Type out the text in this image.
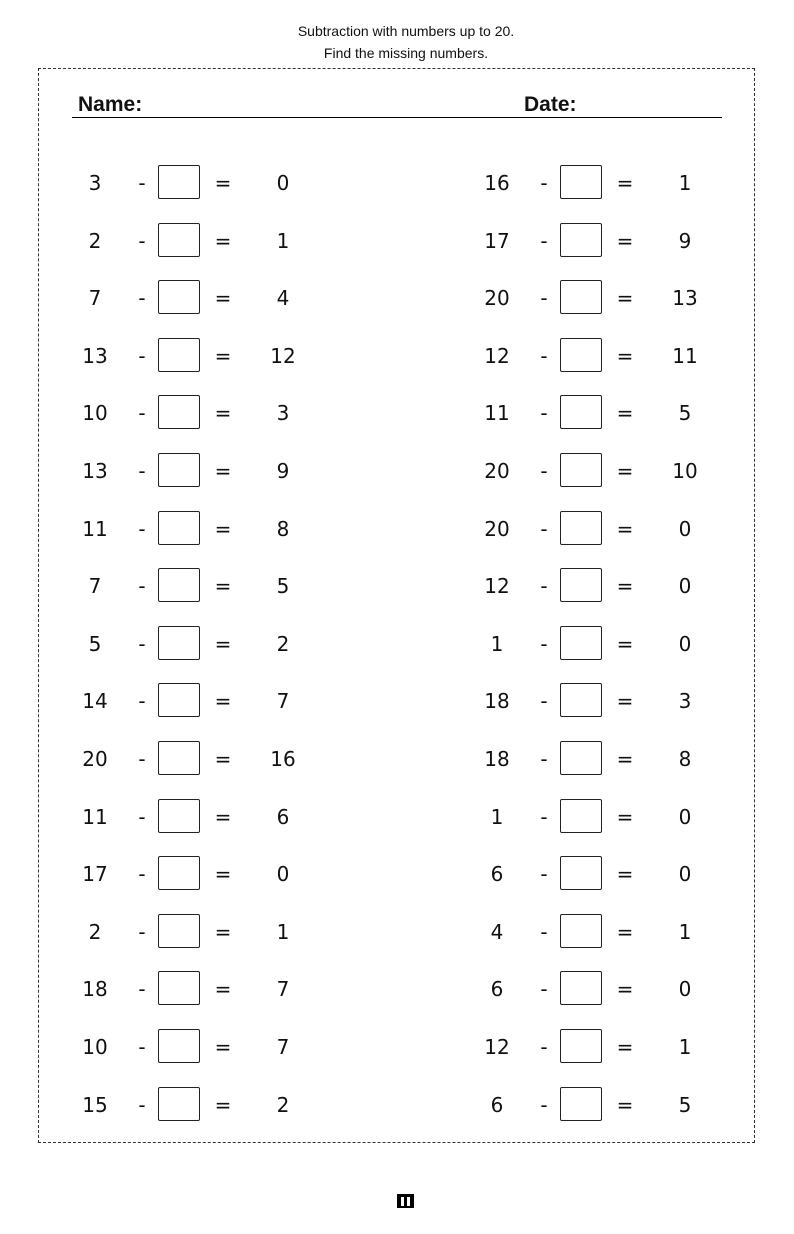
Subtraction with numbers up to 20.
Find the missing numbers.
Name:	Date:
3	-	=	0
2	-	=	1
7	-	=	4
13	-	=	12
10	-	=	3
13	-	=	9
11	-	=	8
7	-	=	5
5	-	=	2
14	-	=	7
20	-	=	16
11	-	=	6
17	-	=	0
2	-	=	1
18	-	=	7
10	-	=	7
15	-	=	2
16	-	=	1
17	-	=	9
20	-	=	13
12	-	=	11
11	-	=	5
20	-	=	10
20	-	=	0
12	-	=	0
1	-	=	0
18	-	=	3
18	-	=	8
1	-	=	0
6	-	=	0
4	-	=	1
6	-	=	0
12	-	=	1
6	-	=	5
